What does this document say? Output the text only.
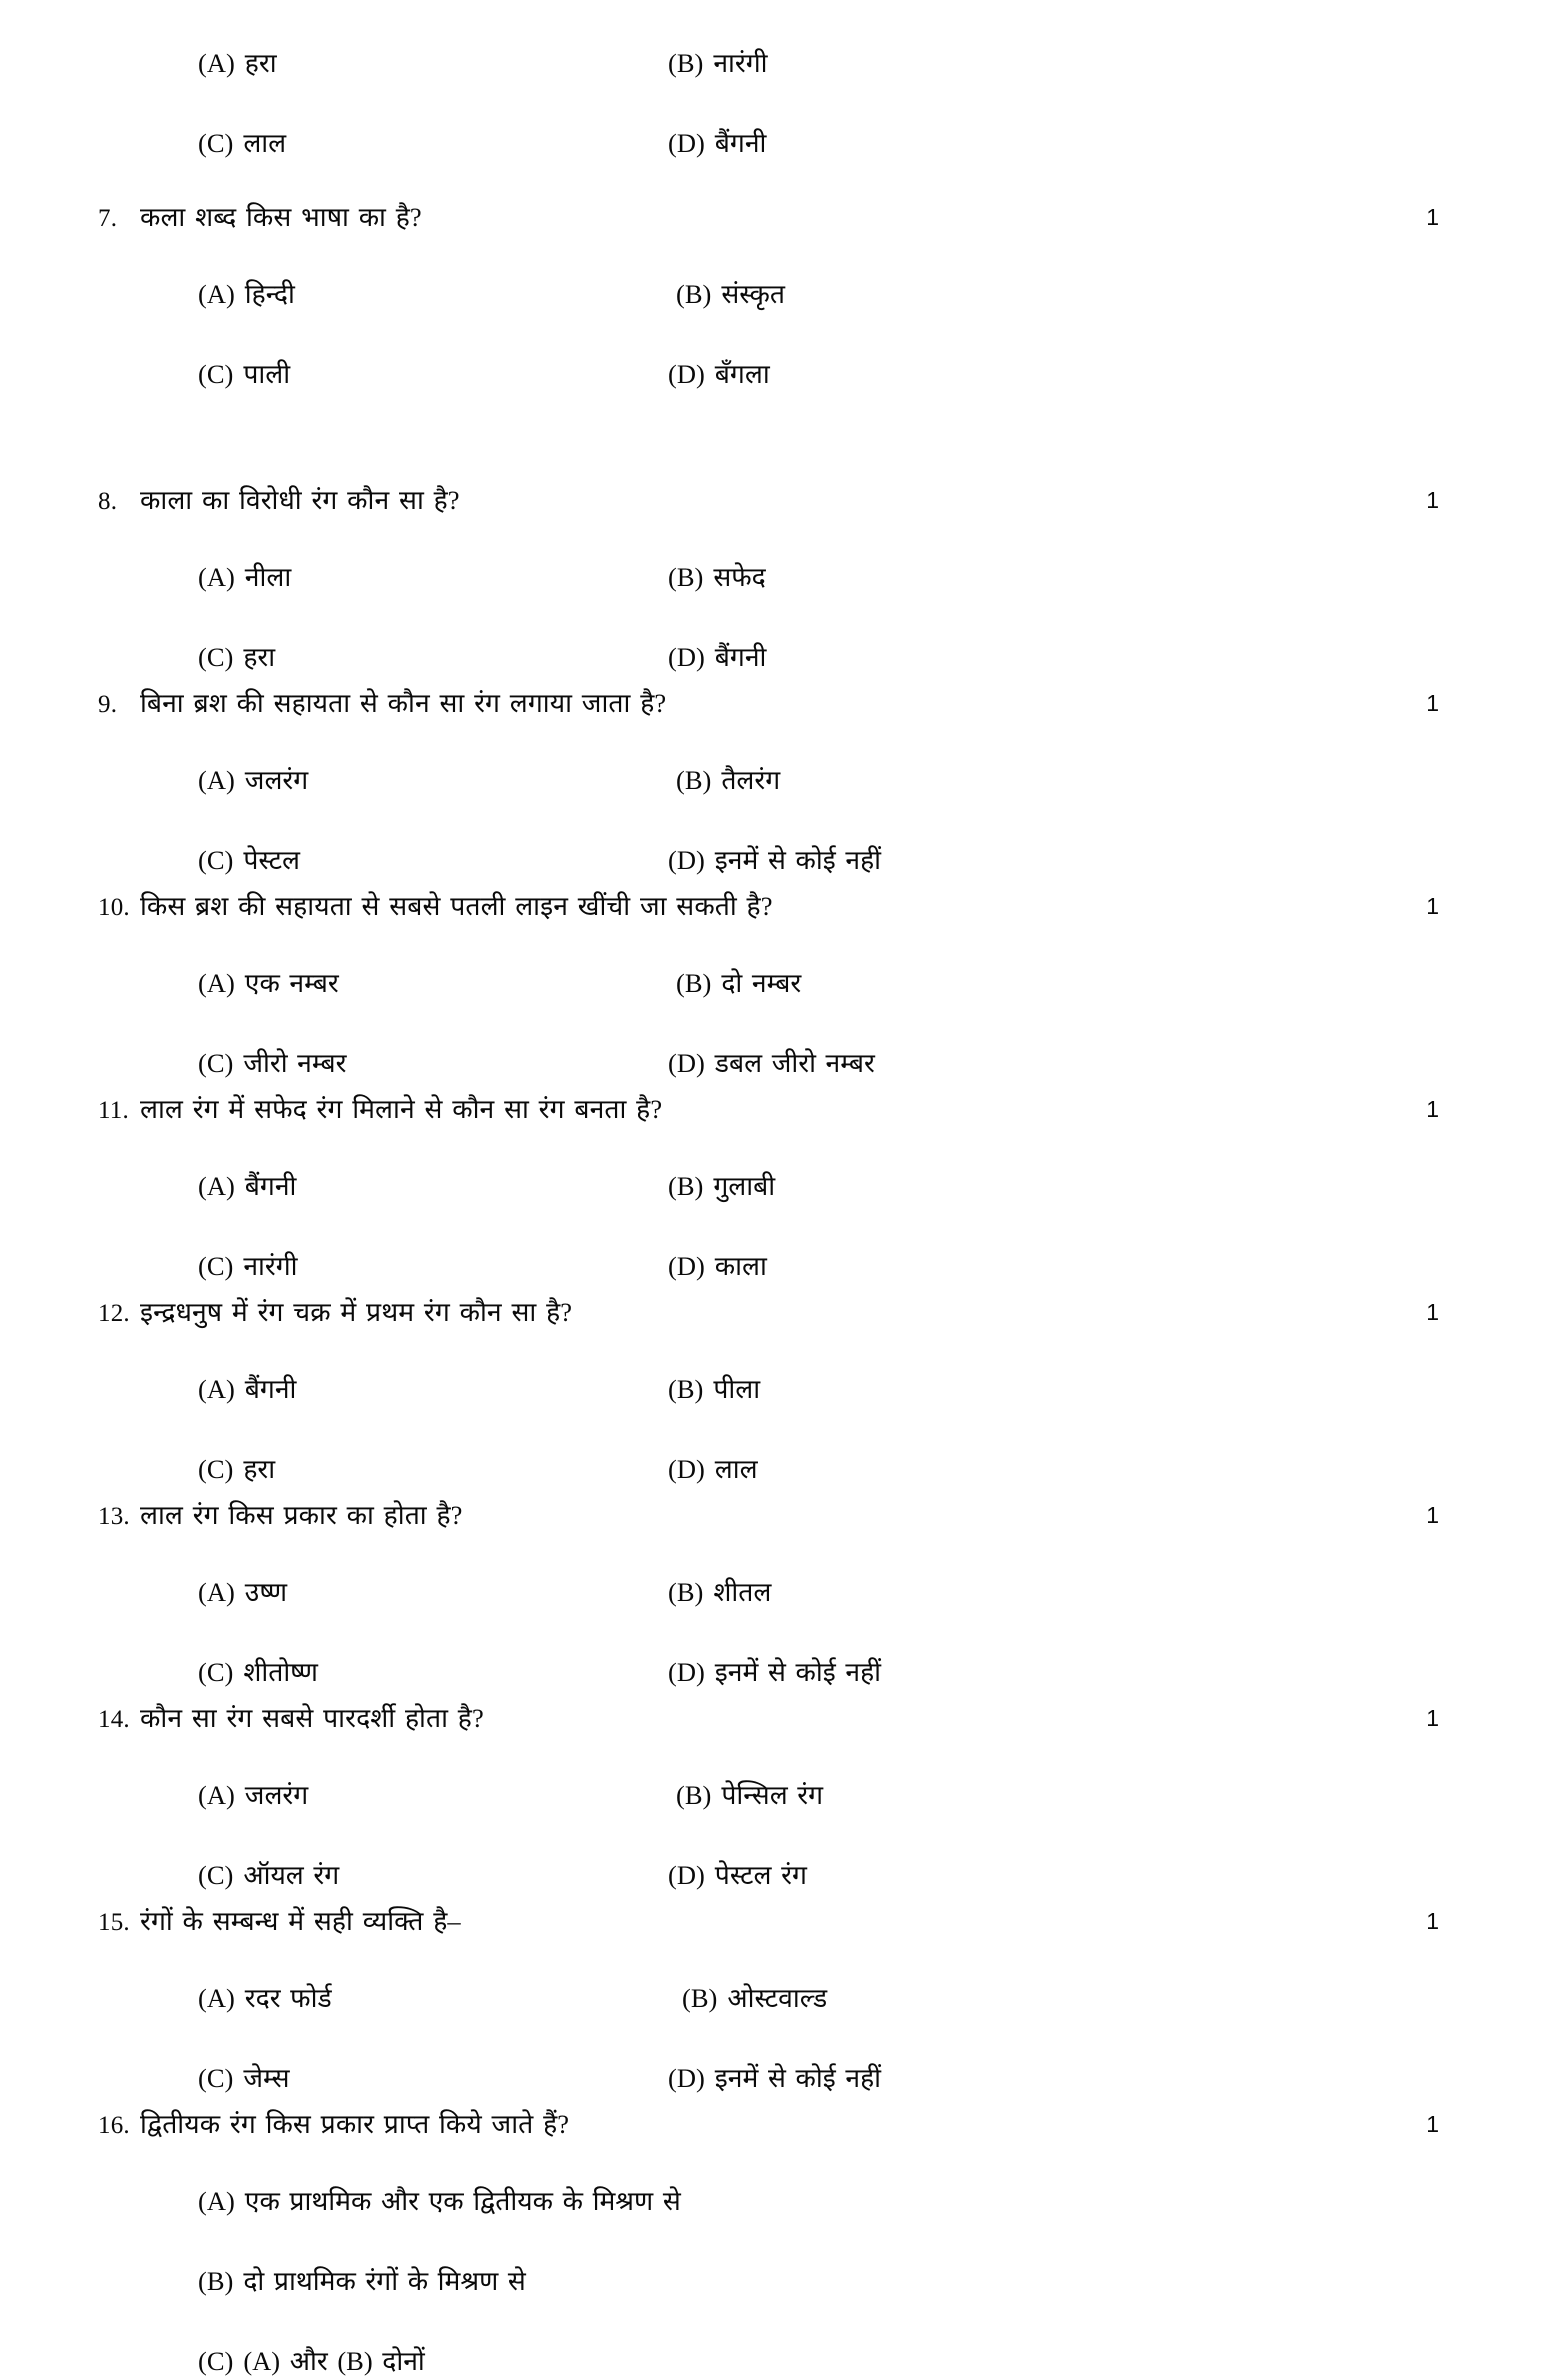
(A) हरा	(B) नारंगी
(C) लाल	(D) बैंगनी
7. कला शब्द किस भाषा का है?	1
(A) हिन्दी	(B) संस्कृत
(C) पाली	(D) बँगला
8. काला का विरोधी रंग कौन सा है?	1
(A) नीला	(B) सफेद
(C) हरा	(D) बैंगनी
9. बिना ब्रश की सहायता से कौन सा रंग लगाया जाता है?	1
(A) जलरंग	(B) तैलरंग
(C) पेस्टल	(D) इनमें से कोई नहीं
10. किस ब्रश की सहायता से सबसे पतली लाइन खींची जा सकती है?	1
(A) एक नम्बर	(B) दो नम्बर
(C) जीरो नम्बर	(D) डबल जीरो नम्बर
11. लाल रंग में सफेद रंग मिलाने से कौन सा रंग बनता है?	1
(A) बैंगनी	(B) गुलाबी
(C) नारंगी	(D) काला
12. इन्द्रधनुष में रंग चक्र में प्रथम रंग कौन सा है?	1
(A) बैंगनी	(B) पीला
(C) हरा	(D) लाल
13. लाल रंग किस प्रकार का होता है?	1
(A) उष्ण	(B) शीतल
(C) शीतोष्ण	(D) इनमें से कोई नहीं
14. कौन सा रंग सबसे पारदर्शी होता है?	1
(A) जलरंग	(B) पेन्सिल रंग
(C) ऑयल रंग	(D) पेस्टल रंग
15. रंगों के सम्बन्ध में सही व्यक्ति है–	1
(A) रदर फोर्ड	(B) ओस्टवाल्ड
(C) जेम्स	(D) इनमें से कोई नहीं
16. द्वितीयक रंग किस प्रकार प्राप्त किये जाते हैं?	1
(A) एक प्राथमिक और एक द्वितीयक के मिश्रण से
(B) दो प्राथमिक रंगों के मिश्रण से
(C) (A) और (B) दोनों
